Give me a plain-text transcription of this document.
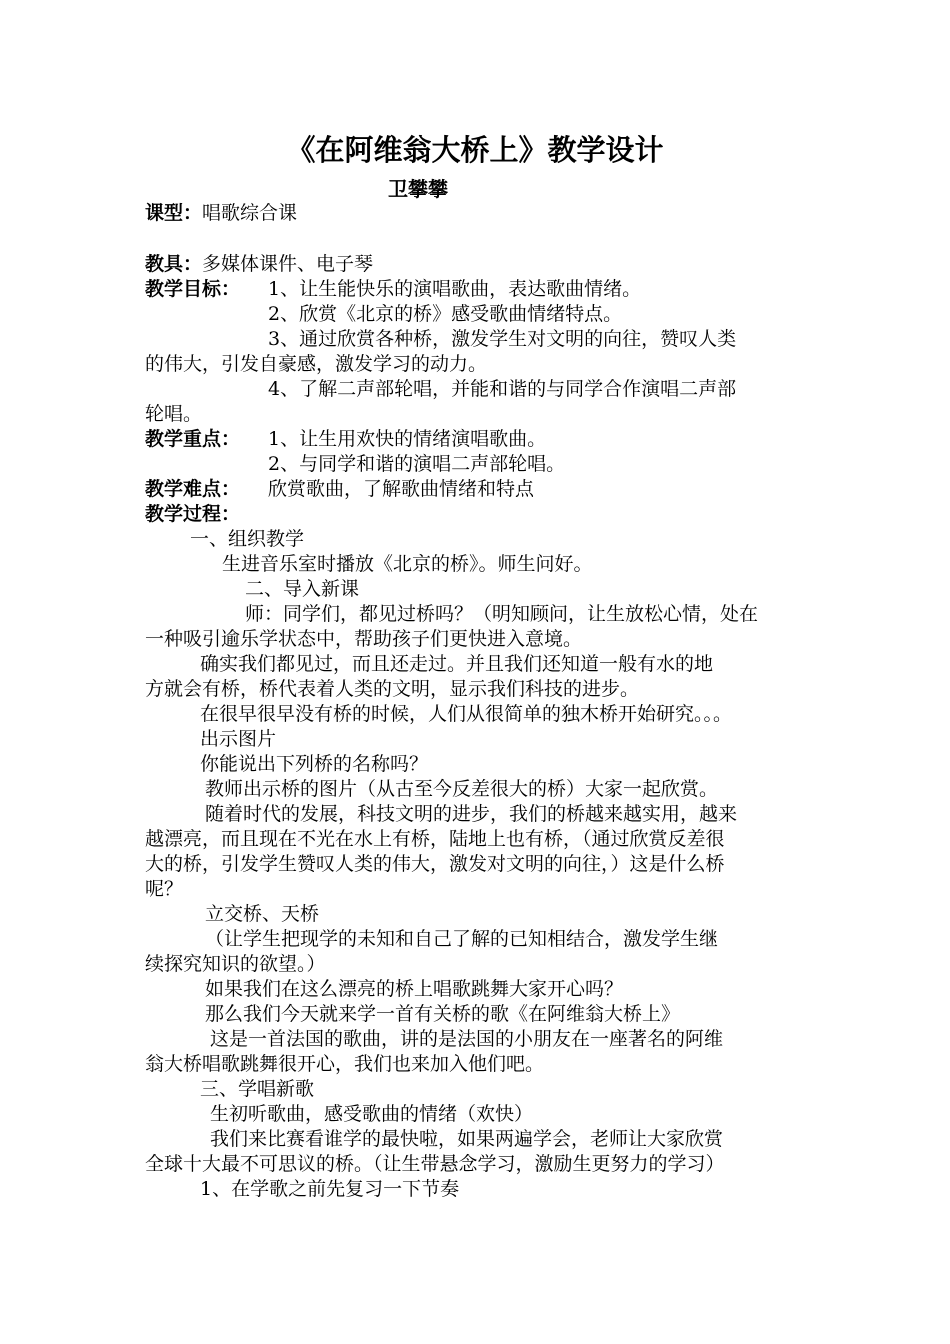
《在阿维翁大桥上》教学设计
卫攀攀
课型：唱歌综合课
教具：多媒体课件、电子琴
教学目标： 1、让生能快乐的演唱歌曲，表达歌曲情绪。
2、欣赏《北京的桥》感受歌曲情绪特点。
3、通过欣赏各种桥，激发学生对文明的向往，赞叹人类
的伟大，引发自豪感，激发学习的动力。
4、了解二声部轮唱，并能和谐的与同学合作演唱二声部
轮唱。
教学重点： 1、让生用欢快的情绪演唱歌曲。
2、与同学和谐的演唱二声部轮唱。
教学难点： 欣赏歌曲，了解歌曲情绪和特点
教学过程：
一、组织教学
生进音乐室时播放《北京的桥》。师生问好。
二、导入新课
师：同学们，都见过桥吗？（明知顾问，让生放松心情，处在
一种吸引逾乐学状态中，帮助孩子们更快进入意境。
确实我们都见过，而且还走过。并且我们还知道一般有水的地
方就会有桥，桥代表着人类的文明，显示我们科技的进步。
在很早很早没有桥的时候，人们从很简单的独木桥开始研究。。。
出示图片
你能说出下列桥的名称吗？
教师出示桥的图片（从古至今反差很大的桥）大家一起欣赏。
随着时代的发展，科技文明的进步，我们的桥越来越实用，越来
越漂亮，而且现在不光在水上有桥，陆地上也有桥，（通过欣赏反差很
大的桥，引发学生赞叹人类的伟大，激发对文明的向往，）这是什么桥
呢？
立交桥、天桥
（让学生把现学的未知和自己了解的已知相结合，激发学生继
续探究知识的欲望。）
如果我们在这么漂亮的桥上唱歌跳舞大家开心吗？
那么我们今天就来学一首有关桥的歌《在阿维翁大桥上》
这是一首法国的歌曲，讲的是法国的小朋友在一座著名的阿维
翁大桥唱歌跳舞很开心，我们也来加入他们吧。
三、学唱新歌
生初听歌曲，感受歌曲的情绪（欢快）
我们来比赛看谁学的最快啦，如果两遍学会，老师让大家欣赏
全球十大最不可思议的桥。（让生带悬念学习，激励生更努力的学习）
1、在学歌之前先复习一下节奏
